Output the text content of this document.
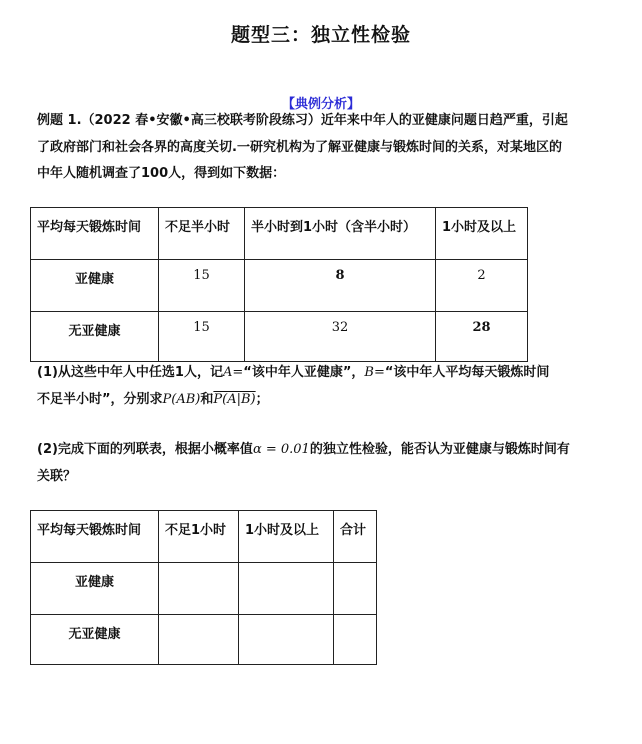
题型三：独立性检验
【典例分析】
例题 1.（2022 春•安徽•高三校联考阶段练习）近年来中年人的亚健康问题日趋严重，引起
了政府部门和社会各界的高度关切.一研究机构为了解亚健康与锻炼时间的关系，对某地区的
中年人随机调查了100人，得到如下数据：
平均每天锻炼时间	不足半小时	半小时到1小时（含半小时）	1小时及以上
亚健康	15	8	2
无亚健康	15	32	28
(1)从这些中年人中任选1人，记A=“该中年人亚健康”，B=“该中年人平均每天锻炼时间
不足半小时”，分别求P(AB)和P(A|B)；
(2)完成下面的列联表，根据小概率值α = 0.01的独立性检验，能否认为亚健康与锻炼时间有
关联？
平均每天锻炼时间	不足1小时	1小时及以上	合计
亚健康			
无亚健康			
